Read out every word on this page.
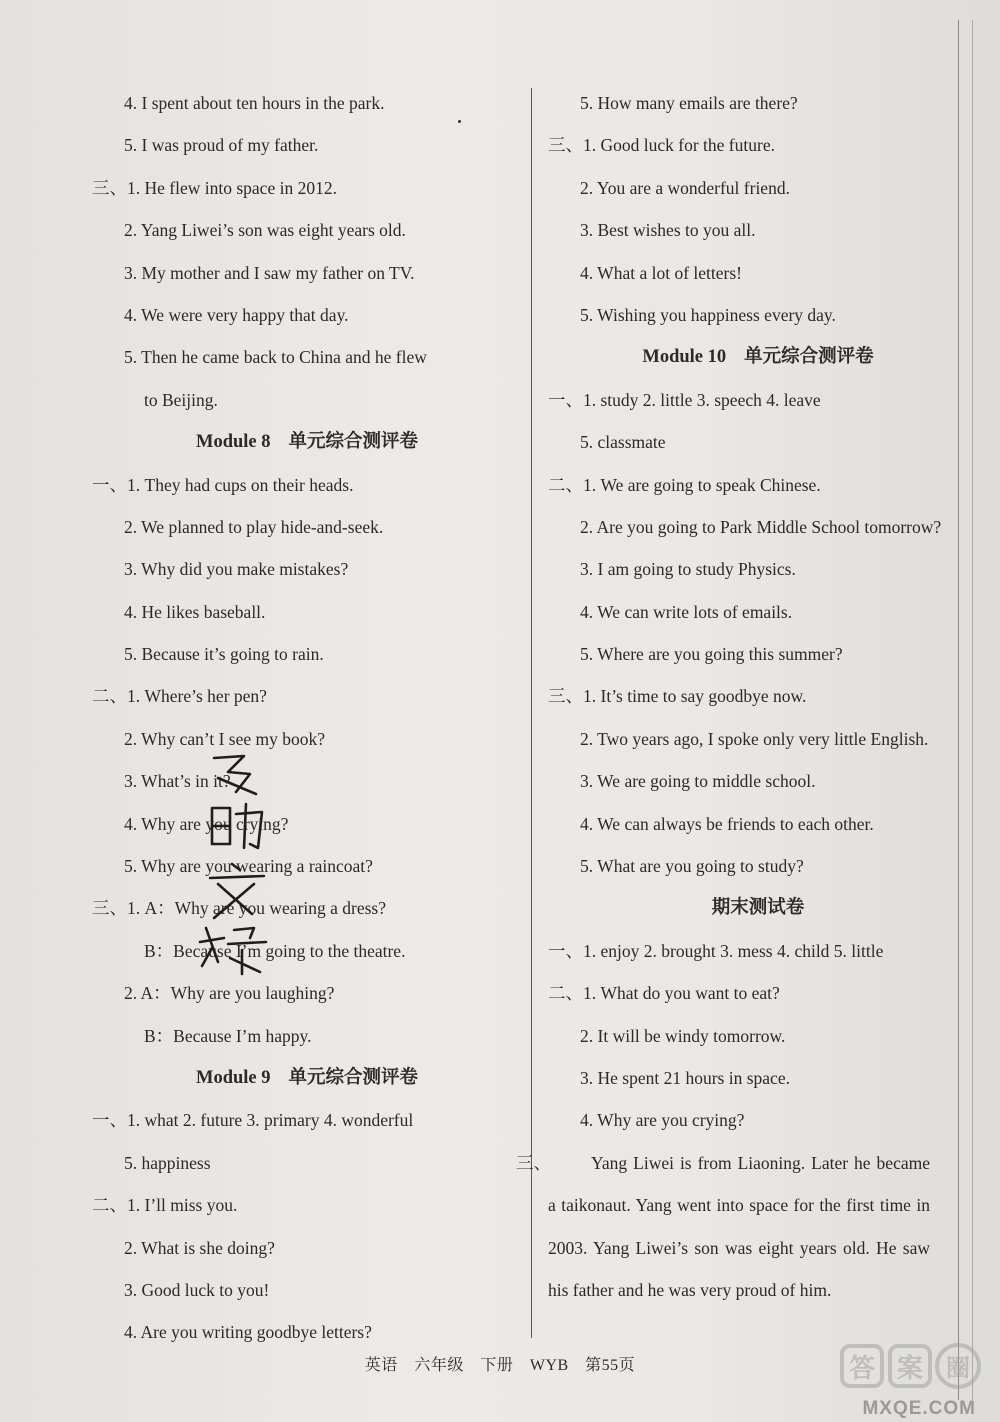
4. I spent about ten hours in the park.
5. I was proud of my father.
三、1. He flew into space in 2012.
2. Yang Liwei’s son was eight years old.
3. My mother and I saw my father on TV.
4. We were very happy that day.
5. Then he came back to China and he flew
to Beijing.
Module 8 单元综合测评卷
一、1. They had cups on their heads.
2. We planned to play hide-and-seek.
3. Why did you make mistakes?
4. He likes baseball.
5. Because it’s going to rain.
二、1. Where’s her pen?
2. Why can’t I see my book?
3. What’s in it?
4. Why are you crying?
5. Why are you wearing a raincoat?
三、1. A：Why are you wearing a dress?
B：Because I’m going to the theatre.
2. A：Why are you laughing?
B：Because I’m happy.
Module 9 单元综合测评卷
一、1. what 2. future 3. primary 4. wonderful
5. happiness
二、1. I’ll miss you.
2. What is she doing?
3. Good luck to you!
4. Are you writing goodbye letters?
5. How many emails are there?
三、1. Good luck for the future.
2. You are a wonderful friend.
3. Best wishes to you all.
4. What a lot of letters!
5. Wishing you happiness every day.
Module 10 单元综合测评卷
一、1. study 2. little 3. speech 4. leave
5. classmate
二、1. We are going to speak Chinese.
2. Are you going to Park Middle School tomorrow?
3. I am going to study Physics.
4. We can write lots of emails.
5. Where are you going this summer?
三、1. It’s time to say goodbye now.
2. Two years ago, I spoke only very little English.
3. We are going to middle school.
4. We can always be friends to each other.
5. What are you going to study?
期末测试卷
一、1. enjoy 2. brought 3. mess 4. child 5. little
二、1. What do you want to eat?
2. It will be windy tomorrow.
3. He spent 21 hours in space.
4. Why are you crying?
三、 Yang Liwei is from Liaoning. Later he became a taikonaut. Yang went into space for the first time in 2003. Yang Liwei’s son was eight years old. He saw his father and he was very proud of him.
英语 六年级 下册 WYB 第55页	答 案 圈
MXQE.COM
